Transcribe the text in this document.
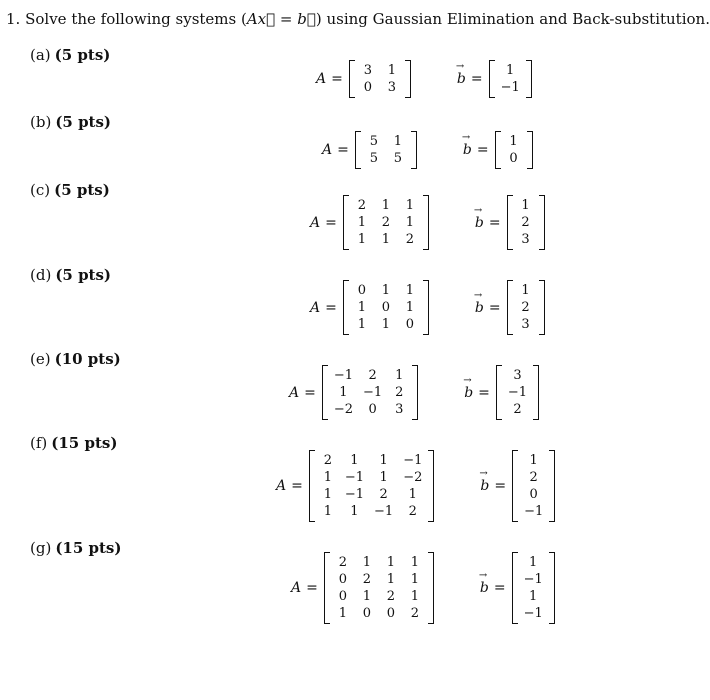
1. Solve the following systems (Ax⃗ = b⃗) using Gaussian Elimination and Back-substitution.
(a) (5 pts)
A =
3	1
0	3
→ b =
1
−1
(b) (5 pts)
A =
5	1
5	5
→ b =
1
0
(c) (5 pts)
A =
2	1	1
1	2	1
1	1	2
→ b =
1
2
3
(d) (5 pts)
A =
0	1	1
1	0	1
1	1	0
→ b =
1
2
3
(e) (10 pts)
A =
−1	2	1
1	−1	2
−2	0	3
→ b =
3
−1
2
(f) (15 pts)
A =
2	1	1	−1
1	−1	1	−2
1	−1	2	1
1	1	−1	2
→ b =
1
2
0
−1
(g) (15 pts)
A =
2	1	1	1
0	2	1	1
0	1	2	1
1	0	0	2
→ b =
1
−1
1
−1
